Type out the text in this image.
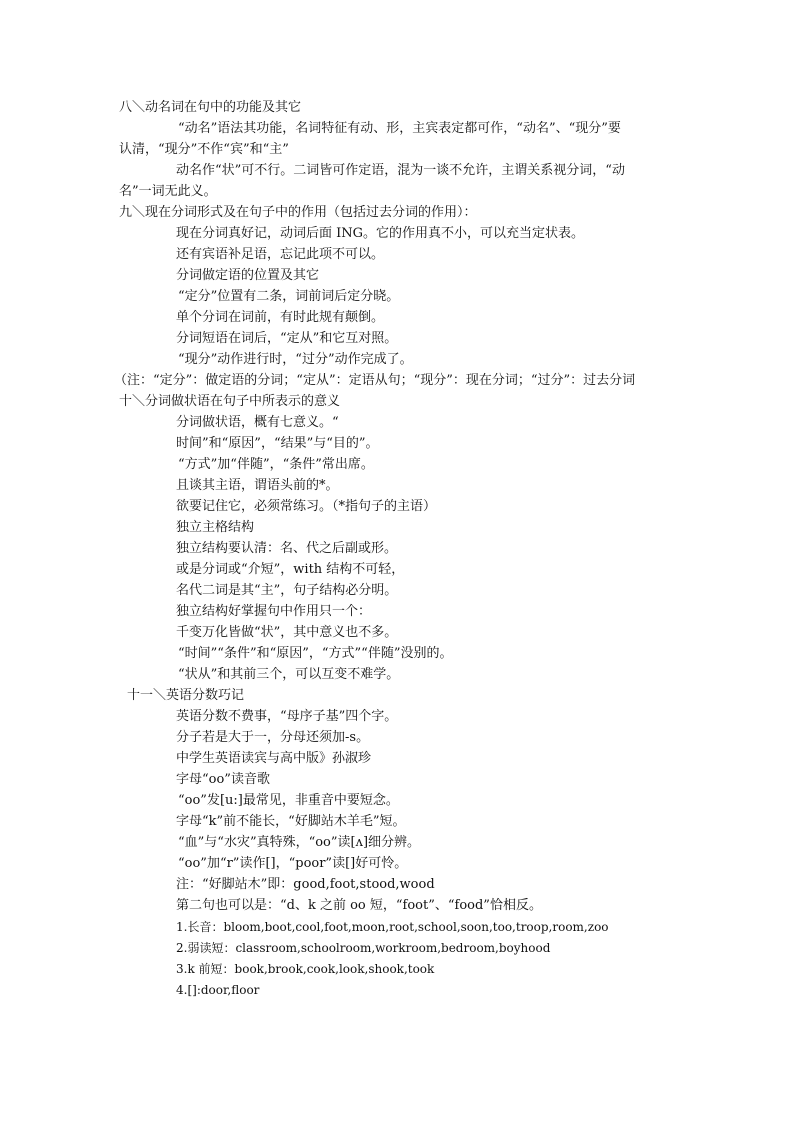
八＼动名词在句中的功能及其它
“动名”语法其功能，名词特征有动、形，主宾表定都可作，“动名”、“现分”要
认清，“现分”不作“宾”和“主”
动名作“状”可不行。二词皆可作定语，混为一谈不允许，主谓关系视分词，“动
名”一词无此义。
九＼现在分词形式及在句子中的作用（包括过去分词的作用）：
现在分词真好记，动词后面 ING。它的作用真不小，可以充当定状表。
还有宾语补足语，忘记此项不可以。
分词做定语的位置及其它
“定分”位置有二条，词前词后定分晓。
单个分词在词前，有时此规有颠倒。
分词短语在词后，“定从”和它互对照。
“现分”动作进行时，“过分”动作完成了。
（注：“定分”：做定语的分词；“定从”：定语从句；“现分”：现在分词；“过分”：过去分词
十＼分词做状语在句子中所表示的意义
分词做状语，概有七意义。“
时间”和“原因”，“结果”与“目的”。
“方式”加“伴随”，“条件”常出席。
且谈其主语，谓语头前的*。
欲要记住它，必须常练习。（*指句子的主语）
独立主格结构
独立结构要认清：名、代之后副或形。
或是分词或“介短”，with 结构不可轻，
名代二词是其“主”，句子结构必分明。
独立结构好掌握句中作用只一个：
千变万化皆做“状”，其中意义也不多。
“时间”“条件”和“原因”，“方式”“伴随”没别的。
“状从”和其前三个，可以互变不难学。
十一＼英语分数巧记
英语分数不费事，“母序子基”四个字。
分子若是大于一，分母还须加-s。
中学生英语读宾与高中版》孙淑珍
字母“oo”读音歌
“oo”发[u:]最常见，非重音中要短念。
字母“k”前不能长，“好脚站木羊毛”短。
“血”与“水灾”真特殊，“oo”读[ʌ]细分辨。
“oo”加“r”读作[]，“poor”读[]好可怜。
注：“好脚站木”即：good,foot,stood,wood
第二句也可以是：“d、k 之前 oo 短，“foot”、“food”恰相反。
1.长音：bloom,boot,cool,foot,moon,root,school,soon,too,troop,room,zoo
2.弱读短：classroom,schoolroom,workroom,bedroom,boyhood
3.k 前短：book,brook,cook,look,shook,took
4.[]:door,floor
